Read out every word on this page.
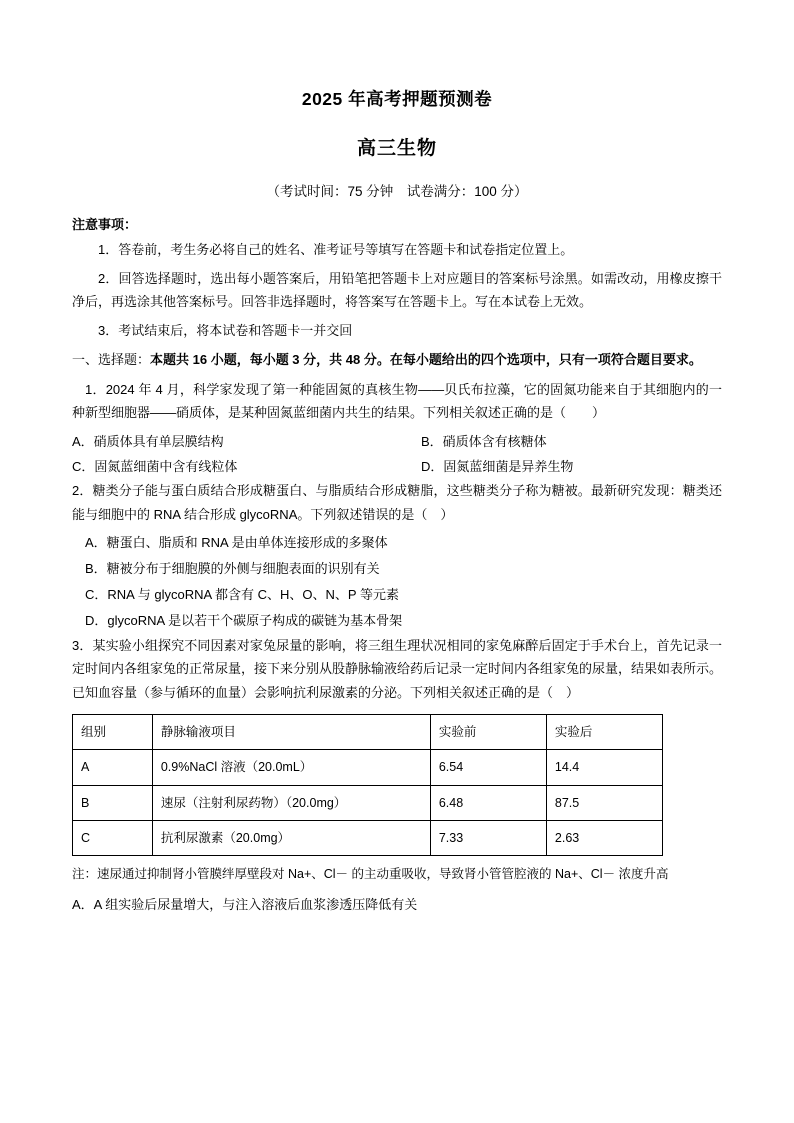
2025 年高考押题预测卷
高三生物
（考试时间：75 分钟　试卷满分：100 分）
注意事项：

1．答卷前，考生务必将自己的姓名、准考证号等填写在答题卡和试卷指定位置上。

2．回答选择题时，选出每小题答案后，用铅笔把答题卡上对应题目的答案标号涂黑。如需改动，用橡皮擦干净后，再选涂其他答案标号。回答非选择题时，将答案写在答题卡上。写在本试卷上无效。

3．考试结束后，将本试卷和答题卡一并交回

一、选择题：本题共 16 小题，每小题 3 分，共 48 分。在每小题给出的四个选项中，只有一项符合题目要求。

1．2024 年 4 月，科学家发现了第一种能固氮的真核生物——贝氏布拉藻，它的固氮功能来自于其细胞内的一种新型细胞器——硝质体，是某种固氮蓝细菌内共生的结果。下列相关叙述正确的是（　　）

A．硝质体具有单层膜结构	B．硝质体含有核糖体
C．固氮蓝细菌中含有线粒体	D．固氮蓝细菌是异养生物

2．糖类分子能与蛋白质结合形成糖蛋白、与脂质结合形成糖脂，这些糖类分子称为糖被。最新研究发现：糖类还能与细胞中的 RNA 结合形成 glycoRNA。下列叙述错误的是（　）

A．糖蛋白、脂质和 RNA 是由单体连接形成的多聚体
B．糖被分布于细胞膜的外侧与细胞表面的识别有关
C．RNA 与 glycoRNA 都含有 C、H、O、N、P 等元素
D．glycoRNA 是以若干个碳原子构成的碳链为基本骨架

3．某实验小组探究不同因素对家兔尿量的影响，将三组生理状况相同的家兔麻醉后固定于手术台上，首先记录一定时间内各组家兔的正常尿量，接下来分别从股静脉输液给药后记录一定时间内各组家兔的尿量，结果如表所示。已知血容量（参与循环的血量）会影响抗利尿激素的分泌。下列相关叙述正确的是（　）

组别	静脉输液项目	实验前	实验后
A	0.9%NaCl 溶液（20.0mL）	6.54	14.4
B	速尿（注射利尿药物）（20.0mg）	6.48	87.5
C	抗利尿激素（20.0mg）	7.33	2.63
注：速尿通过抑制肾小管膜绊厚壁段对 Na+、Cl－ 的主动重吸收，导致肾小管管腔液的 Na+、Cl－ 浓度升高
A．A 组实验后尿量增大，与注入溶液后血浆渗透压降低有关
